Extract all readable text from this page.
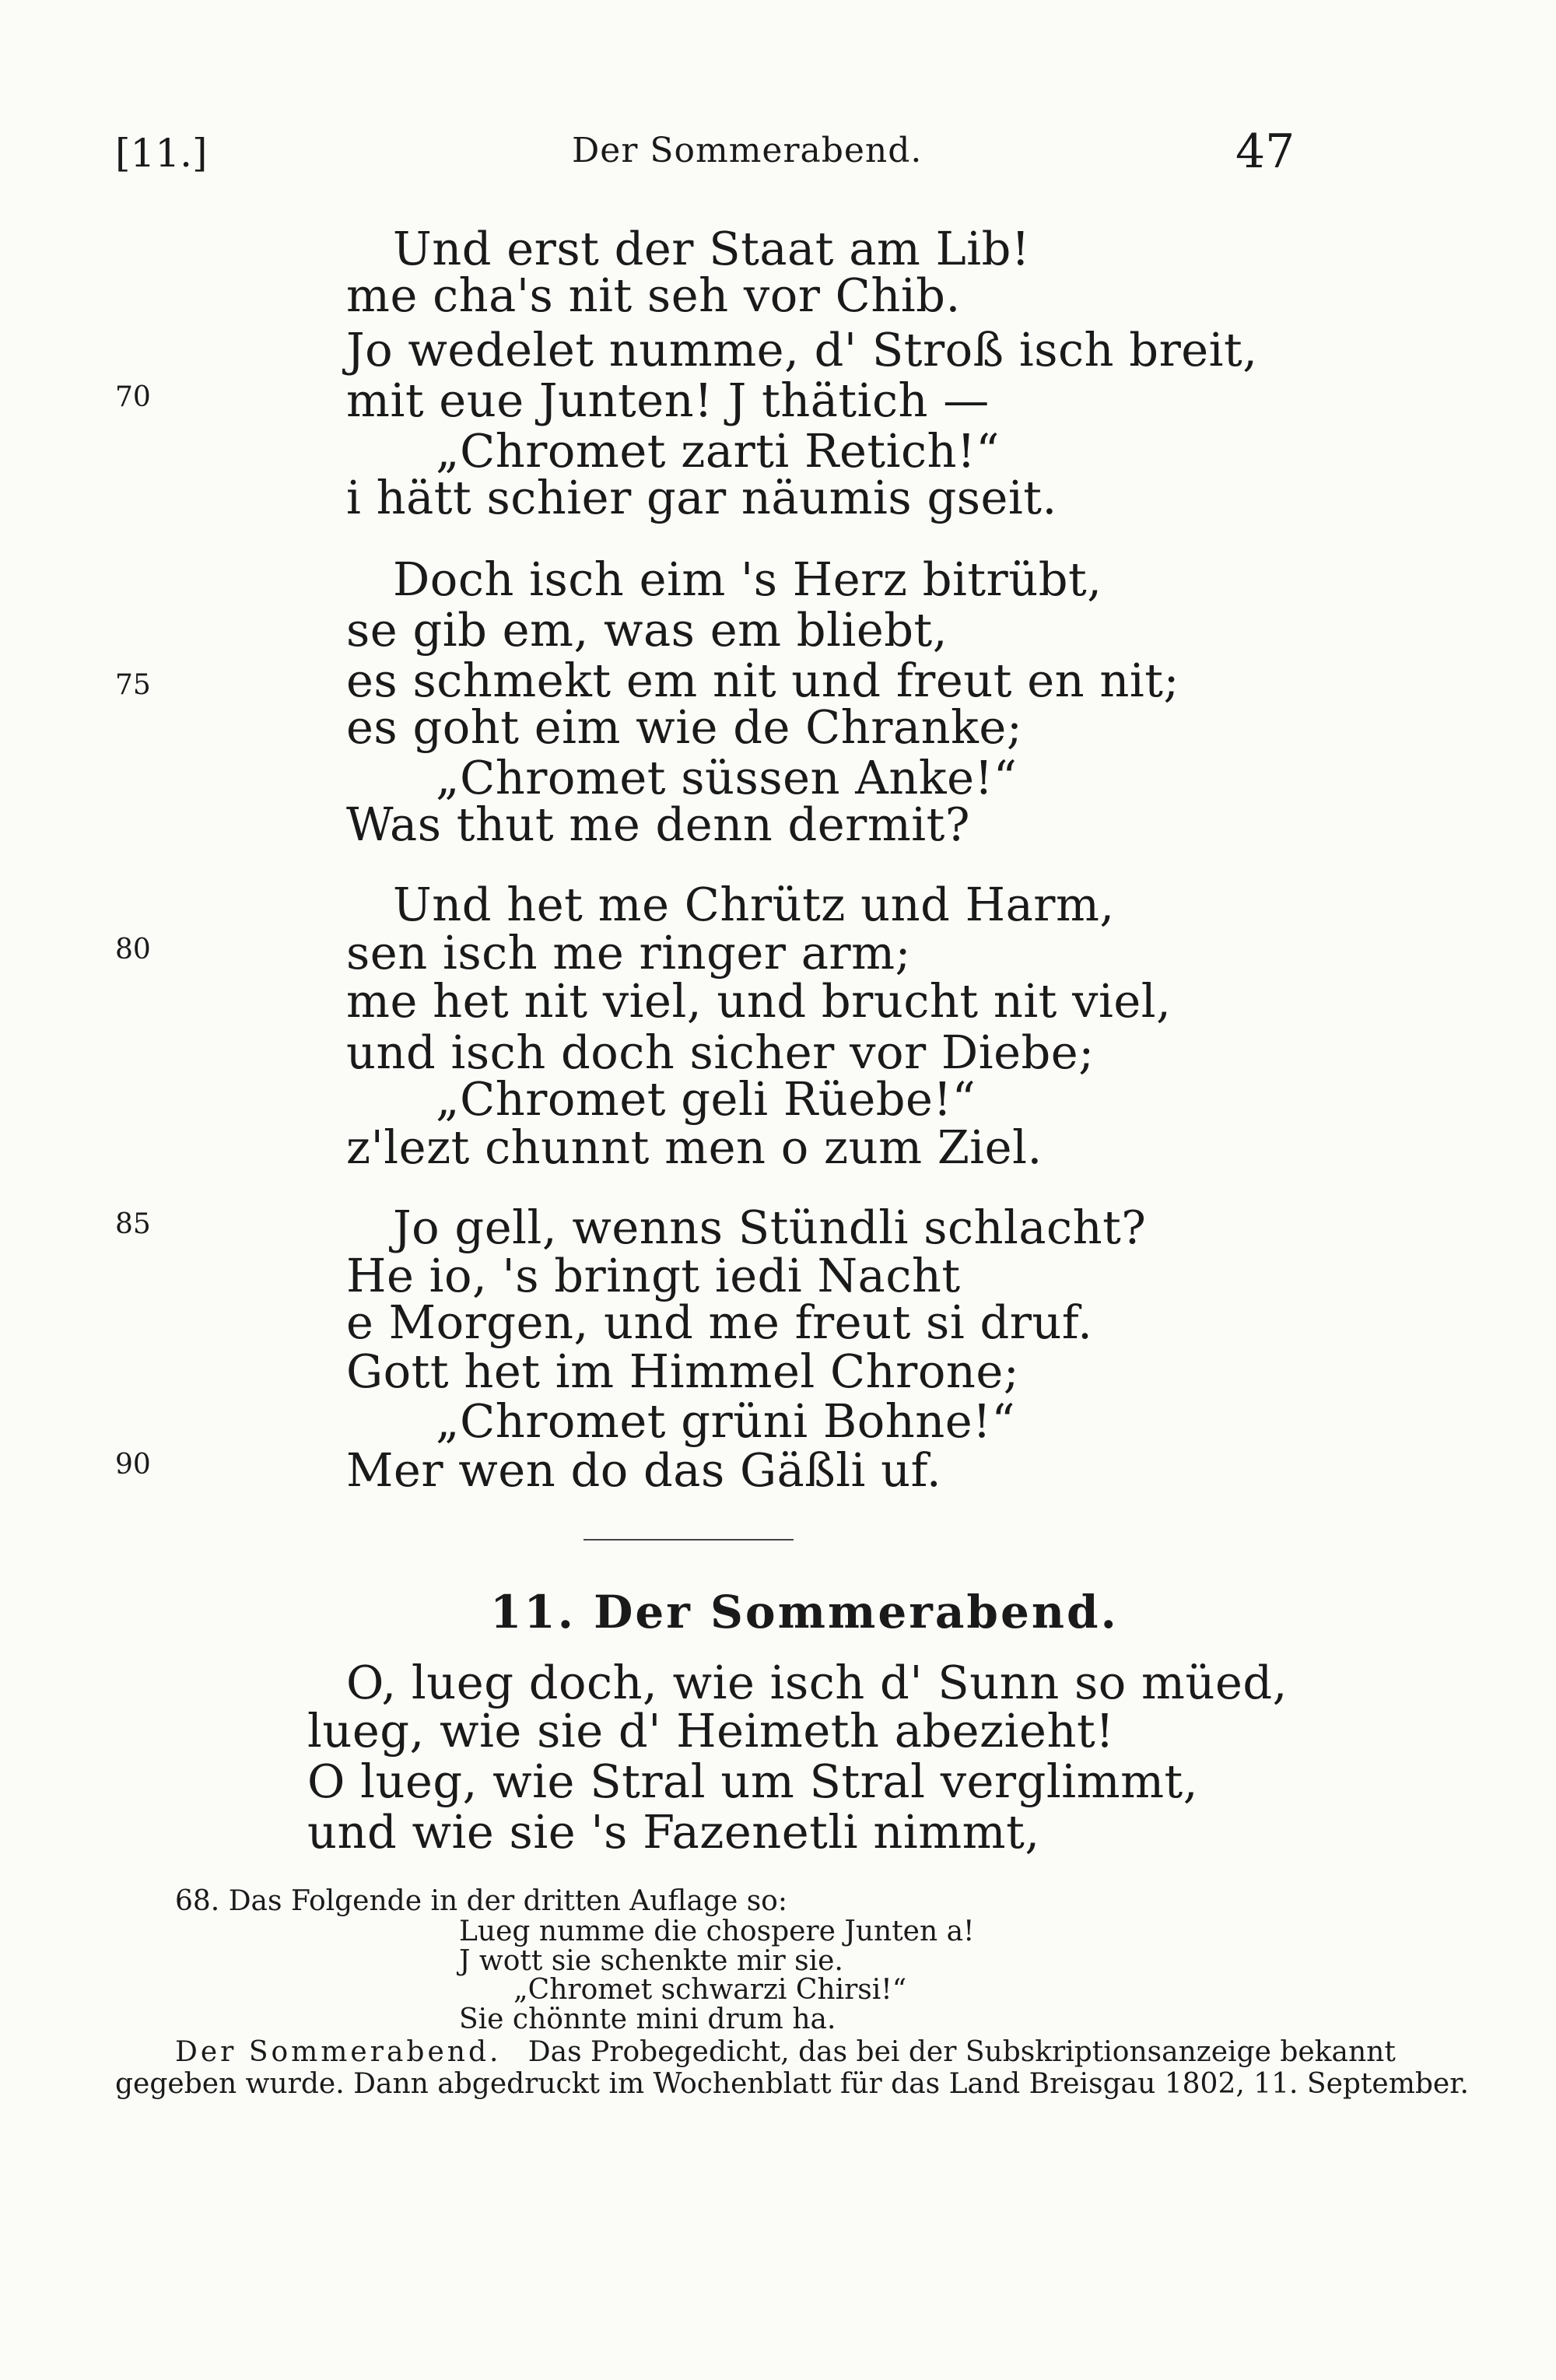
[11.]	Der Sommerabend.	47
Und erst der Staat am Lib!
me cha's nit seh vor Chib.
Jo wedelet numme, d' Stroß isch breit,
mit eue Junten! J thätich —
„Chromet zarti Retich!“
i hätt schier gar näumis gseit.
Doch isch eim 's Herz bitrübt,
se gib em, was em bliebt,
es schmekt em nit und freut en nit;
es goht eim wie de Chranke;
„Chromet süssen Anke!“
Was thut me denn dermit?
Und het me Chrütz und Harm,
sen isch me ringer arm;
me het nit viel, und brucht nit viel,
und isch doch sicher vor Diebe;
„Chromet geli Rüebe!“
z'lezt chunnt men o zum Ziel.
Jo gell, wenns Stündli schlacht?
He io, 's bringt iedi Nacht
e Morgen, und me freut si druf.
Gott het im Himmel Chrone;
„Chromet grüni Bohne!“
Mer wen do das Gäßli uf.
70
75
80
85
90
11. Der Sommerabend.
O, lueg doch, wie isch d' Sunn so müed,
lueg, wie sie d' Heimeth abezieht!
O lueg, wie Stral um Stral verglimmt,
und wie sie 's Fazenetli nimmt,
68. Das Folgende in der dritten Auflage so:
Lueg numme die chospere Junten a!
J wott sie schenkte mir sie.
„Chromet schwarzi Chirsi!“
Sie chönnte mini drum ha.
Der Sommerabend. Das Probegedicht, das bei der Subskriptionsanzeige bekannt
gegeben wurde. Dann abgedruckt im Wochenblatt für das Land Breisgau 1802, 11. September.
